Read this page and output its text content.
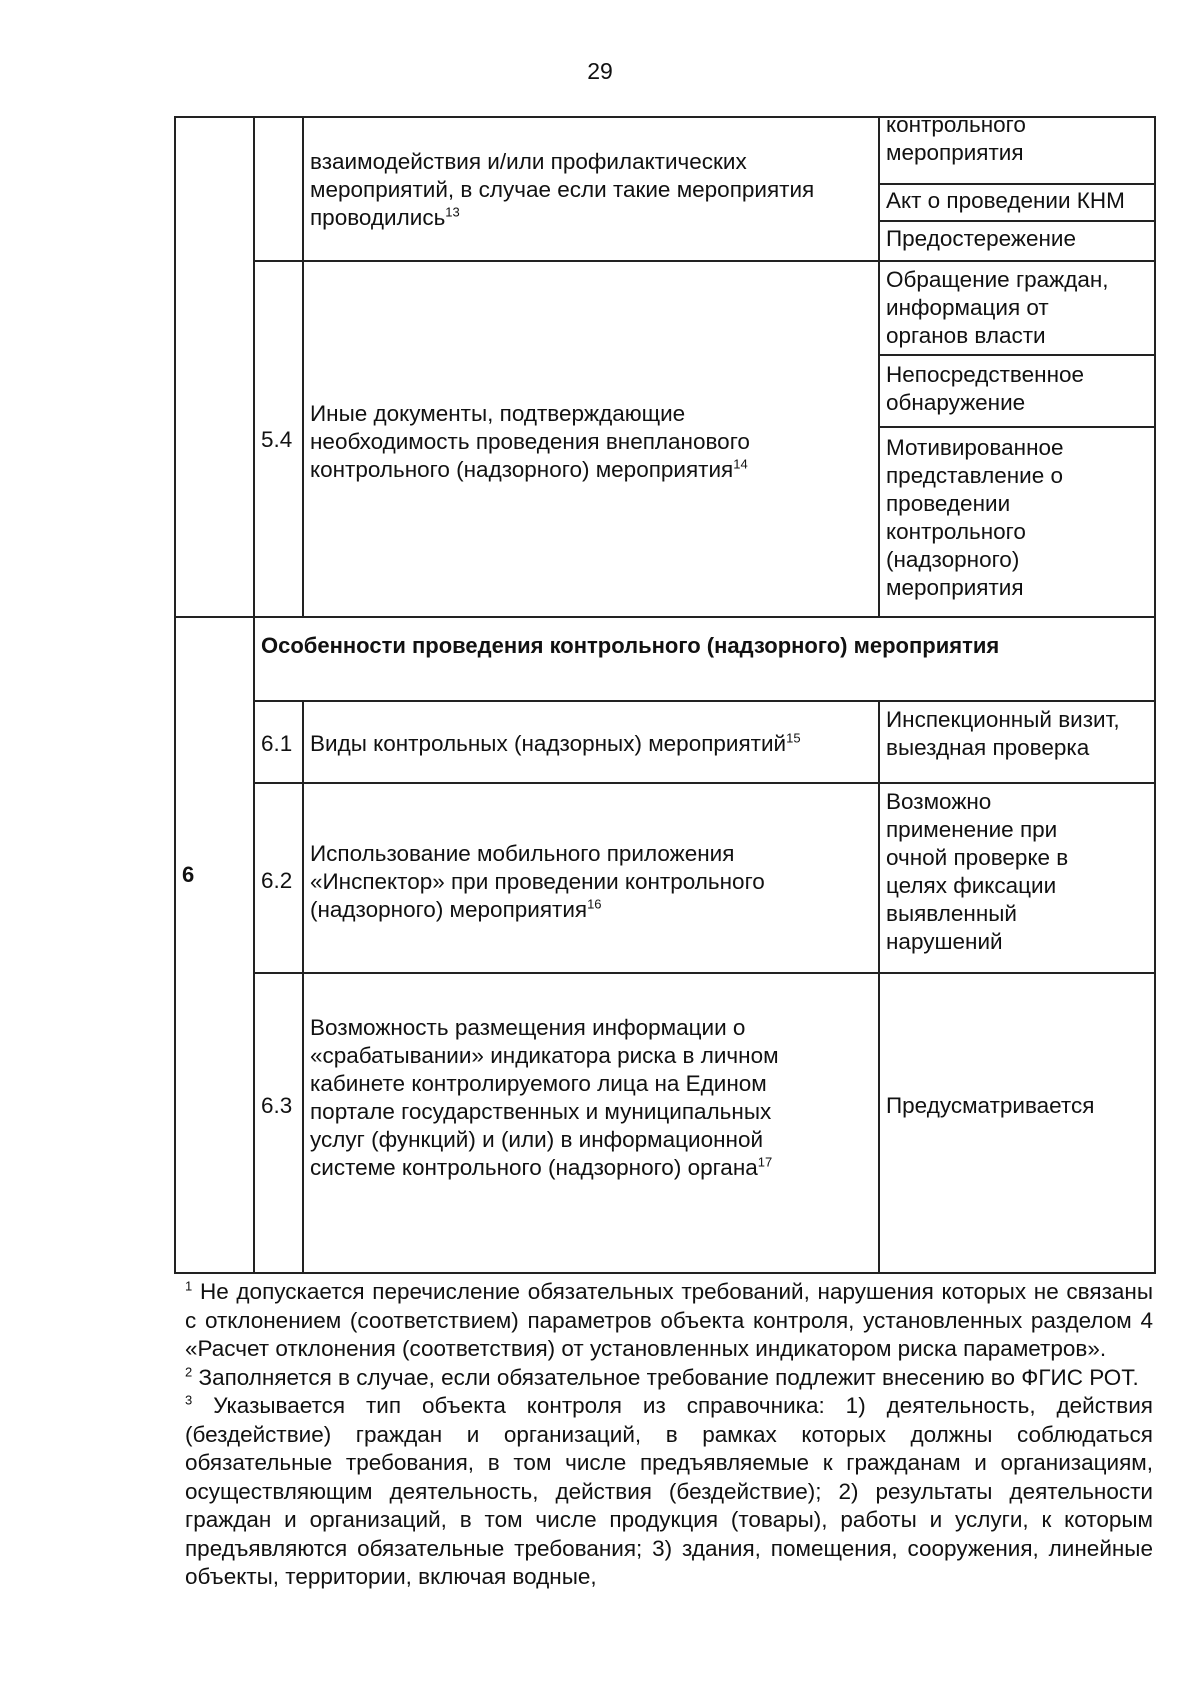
29
взаимодействия и/или профилактических
мероприятий, в случае если такие мероприятия
проводились$^{13}$
контрольного
мероприятия
Акт о проведении КНМ
Предостережение
5.4
Иные документы, подтверждающие
необходимость проведения внепланового
контрольного (надзорного) мероприятия$^{14}$
Обращение граждан,
информация от
органов власти
Непосредственное
обнаружение
Мотивированное
представление о
проведении
контрольного
(надзорного)
мероприятия
6
Особенности проведения контрольного (надзорного) мероприятия
6.1 Виды контрольных (надзорных) мероприятий$^{15}$
Инспекционный визит,
выездная проверка
6.2
Использование мобильного приложения
«Инспектор» при проведении контрольного
(надзорного) мероприятия$^{16}$
Возможно
применение при
очной проверке в
целях фиксации
выявленный
нарушений
6.3
Возможность размещения информации о
«срабатывании» индикатора риска в личном
кабинете контролируемого лица на Едином
портале государственных и муниципальных
услуг (функций) и (или) в информационной
системе контрольного (надзорного) органа$^{17}$
Предусматривается

$^1$ Не допускается перечисление обязательных требований, нарушения которых не связаны с отклонением (соответствием) параметров объекта контроля, установленных разделом 4 «Расчет отклонения (соответствия) от установленных индикатором риска параметров».

$^2$ Заполняется в случае, если обязательное требование подлежит внесению во ФГИС РОТ.

$^3$ Указывается тип объекта контроля из справочника: 1) деятельность, действия (бездействие) граждан и организаций, в рамках которых должны соблюдаться обязательные требования, в том числе предъявляемые к гражданам и организациям, осуществляющим деятельность, действия (бездействие); 2) результаты деятельности граждан и организаций, в том числе продукция (товары), работы и услуги, к которым предъявляются обязательные требования; 3) здания, помещения, сооружения, линейные объекты, территории, включая водные,
